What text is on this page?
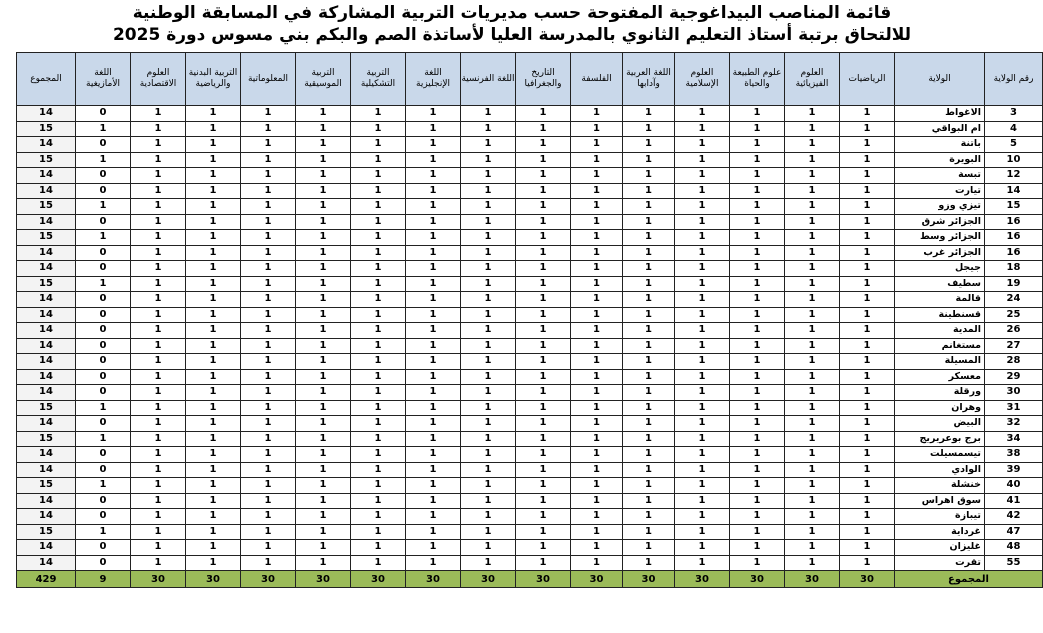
قائمة المناصب البيداغوجية المفتوحة حسب مديريات التربية المشاركة في المسابقة الوطنية
للالتحاق برتبة أستاذ التعليم الثانوي بالمدرسة العليا لأساتذة الصم والبكم بني مسوس دورة 2025
رقم الولاية	الولاية	الرياضيات	العلوم الفيزيائية	علوم الطبيعة والحياة	العلوم الإسلامية	اللغة العربية وآدابها	الفلسفة	التاريخ والجغرافيا	اللغة الفرنسية	اللغة الإنجليزية	التربية التشكيلية	التربية الموسيقية	المعلوماتية	التربية البدنية والرياضية	العلوم الاقتصادية	اللغة الأمازيغية	المجموع
3	الاغواط	1	1	1	1	1	1	1	1	1	1	1	1	1	1	0	14
4	ام البواقي	1	1	1	1	1	1	1	1	1	1	1	1	1	1	1	15
5	باتنة	1	1	1	1	1	1	1	1	1	1	1	1	1	1	0	14
10	البويرة	1	1	1	1	1	1	1	1	1	1	1	1	1	1	1	15
12	تبسة	1	1	1	1	1	1	1	1	1	1	1	1	1	1	0	14
14	تيارت	1	1	1	1	1	1	1	1	1	1	1	1	1	1	0	14
15	تيزي وزو	1	1	1	1	1	1	1	1	1	1	1	1	1	1	1	15
16	الجزائر شرق	1	1	1	1	1	1	1	1	1	1	1	1	1	1	0	14
16	الجزائر وسط	1	1	1	1	1	1	1	1	1	1	1	1	1	1	1	15
16	الجزائر غرب	1	1	1	1	1	1	1	1	1	1	1	1	1	1	0	14
18	جيجل	1	1	1	1	1	1	1	1	1	1	1	1	1	1	0	14
19	سطيف	1	1	1	1	1	1	1	1	1	1	1	1	1	1	1	15
24	قالمة	1	1	1	1	1	1	1	1	1	1	1	1	1	1	0	14
25	قسنطينة	1	1	1	1	1	1	1	1	1	1	1	1	1	1	0	14
26	المدية	1	1	1	1	1	1	1	1	1	1	1	1	1	1	0	14
27	مستغانم	1	1	1	1	1	1	1	1	1	1	1	1	1	1	0	14
28	المسيلة	1	1	1	1	1	1	1	1	1	1	1	1	1	1	0	14
29	معسكر	1	1	1	1	1	1	1	1	1	1	1	1	1	1	0	14
30	ورقلة	1	1	1	1	1	1	1	1	1	1	1	1	1	1	0	14
31	وهران	1	1	1	1	1	1	1	1	1	1	1	1	1	1	1	15
32	البيض	1	1	1	1	1	1	1	1	1	1	1	1	1	1	0	14
34	برج بوعريريج	1	1	1	1	1	1	1	1	1	1	1	1	1	1	1	15
38	تيسمسيلت	1	1	1	1	1	1	1	1	1	1	1	1	1	1	0	14
39	الوادي	1	1	1	1	1	1	1	1	1	1	1	1	1	1	0	14
40	خنشلة	1	1	1	1	1	1	1	1	1	1	1	1	1	1	1	15
41	سوق اهراس	1	1	1	1	1	1	1	1	1	1	1	1	1	1	0	14
42	تيبازة	1	1	1	1	1	1	1	1	1	1	1	1	1	1	0	14
47	غرداية	1	1	1	1	1	1	1	1	1	1	1	1	1	1	1	15
48	غليزان	1	1	1	1	1	1	1	1	1	1	1	1	1	1	0	14
55	تقرت	1	1	1	1	1	1	1	1	1	1	1	1	1	1	0	14
المجموع		30	30	30	30	30	30	30	30	30	30	30	30	30	30	9	429
